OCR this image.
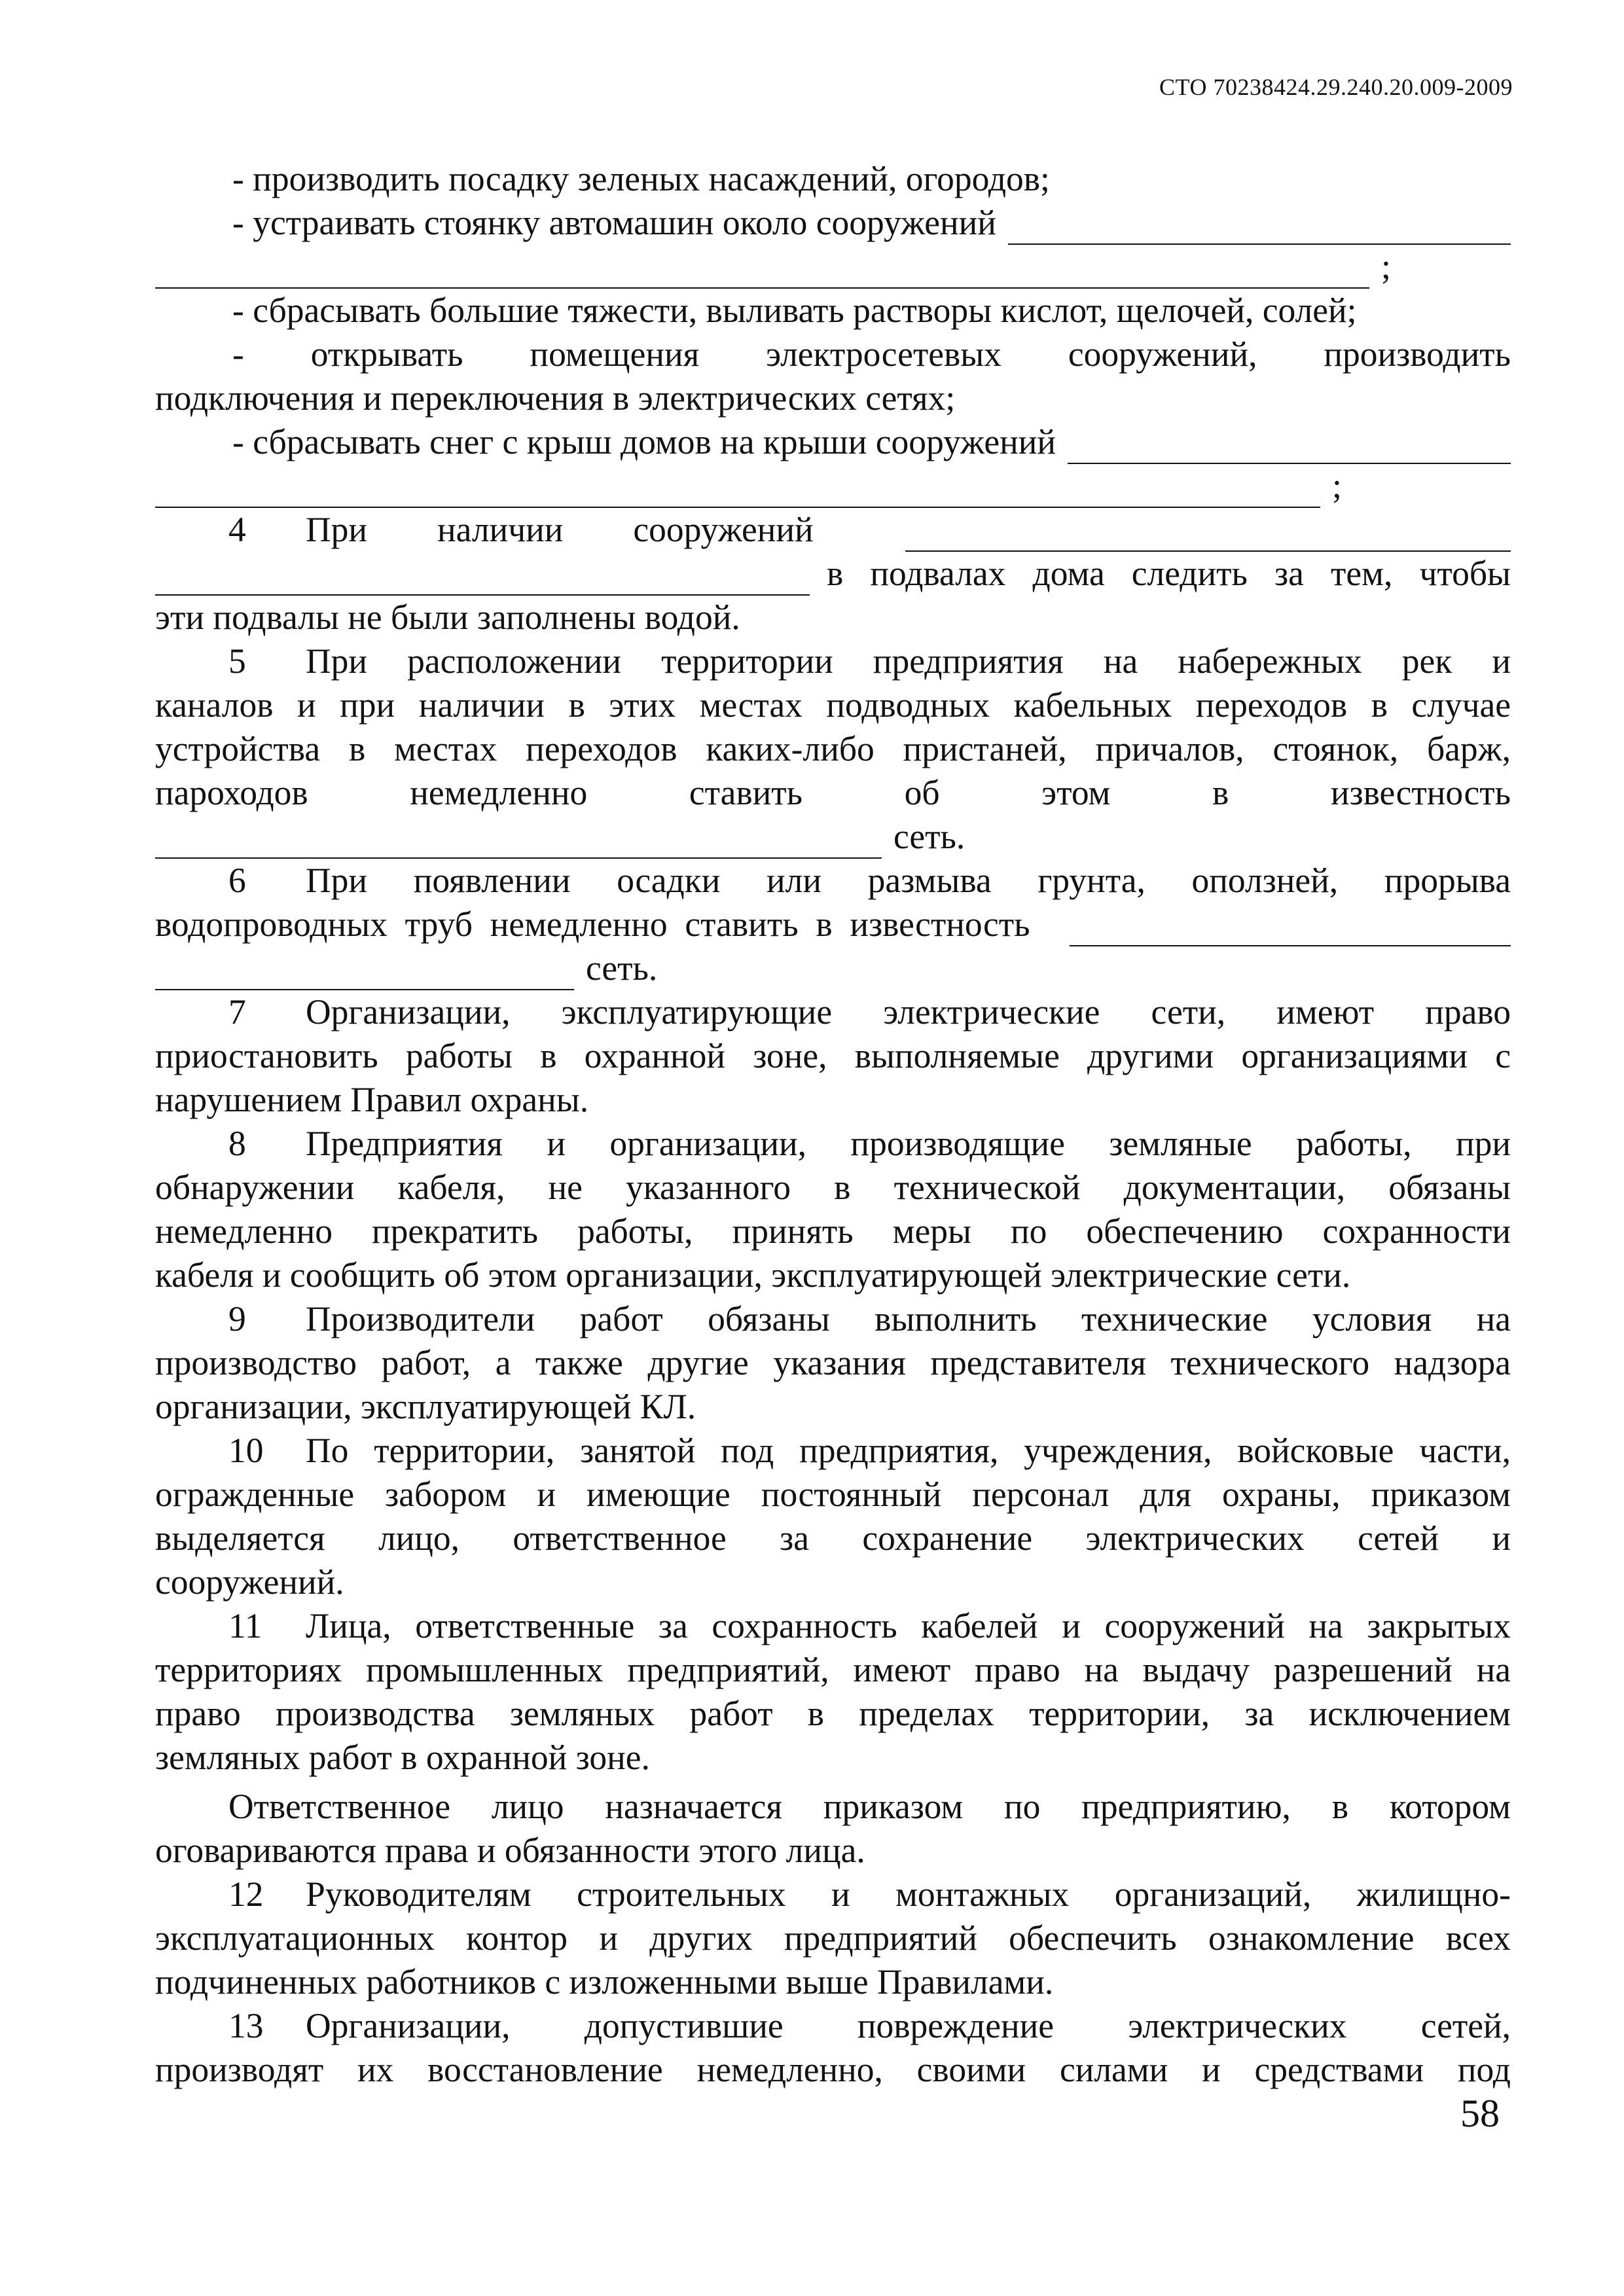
СТО 70238424.29.240.20.009-2009
- производить посадку зеленых насаждений, огородов;
- устраивать стоянку автомашин около сооружений
;
- сбрасывать большие тяжести, выливать растворы кислот, щелочей, солей;
- открывать помещения электросетевых сооружений, производить
подключения и переключения в электрических сетях;
- сбрасывать снег с крыш домов на крыши сооружений
;
4	При        наличии        сооружений
в подвалах дома следить за тем, чтобы
эти подвалы не были заполнены водой.
5 При расположении территории предприятия на набережных рек и
каналов и при наличии в этих местах подводных кабельных переходов в случае
устройства в местах переходов каких-либо пристаней, причалов, стоянок, барж,
пароходов      немедленно      ставить      об      этом      в      известность
сеть.
6 При появлении осадки или размыва грунта, оползней, прорыва
водопроводных  труб  немедленно  ставить  в  известность
сеть.
7 Организации, эксплуатирующие электрические сети, имеют право
приостановить работы в охранной зоне, выполняемые другими организациями с
нарушением Правил охраны.
8 Предприятия и организации, производящие земляные работы, при
обнаружении кабеля, не указанного в технической документации, обязаны
немедленно прекратить работы, принять меры по обеспечению сохранности
кабеля и сообщить об этом организации, эксплуатирующей электрические сети.
9 Производители работ обязаны выполнить технические условия на
производство работ, а также другие указания представителя технического надзора
организации, эксплуатирующей КЛ.
10 По территории, занятой под предприятия, учреждения, войсковые части,
огражденные забором и имеющие постоянный персонал для охраны, приказом
выделяется   лицо,   ответственное   за   сохранение   электрических   сетей   и
сооружений.
11 Лица, ответственные за сохранность кабелей и сооружений на закрытых
территориях промышленных предприятий, имеют право на выдачу разрешений на
право производства земляных работ в пределах территории, за исключением
земляных работ в охранной зоне.
Ответственное лицо назначается приказом по предприятию, в котором
оговариваются права и обязанности этого лица.
12 Руководителям строительных и монтажных организаций, жилищно-
эксплуатационных контор и других предприятий обеспечить ознакомление всех
подчиненных работников с изложенными выше Правилами.
13 Организации,     допустившие     повреждение     электрических     сетей,
производят их восстановление немедленно, своими силами и средствами под
58
